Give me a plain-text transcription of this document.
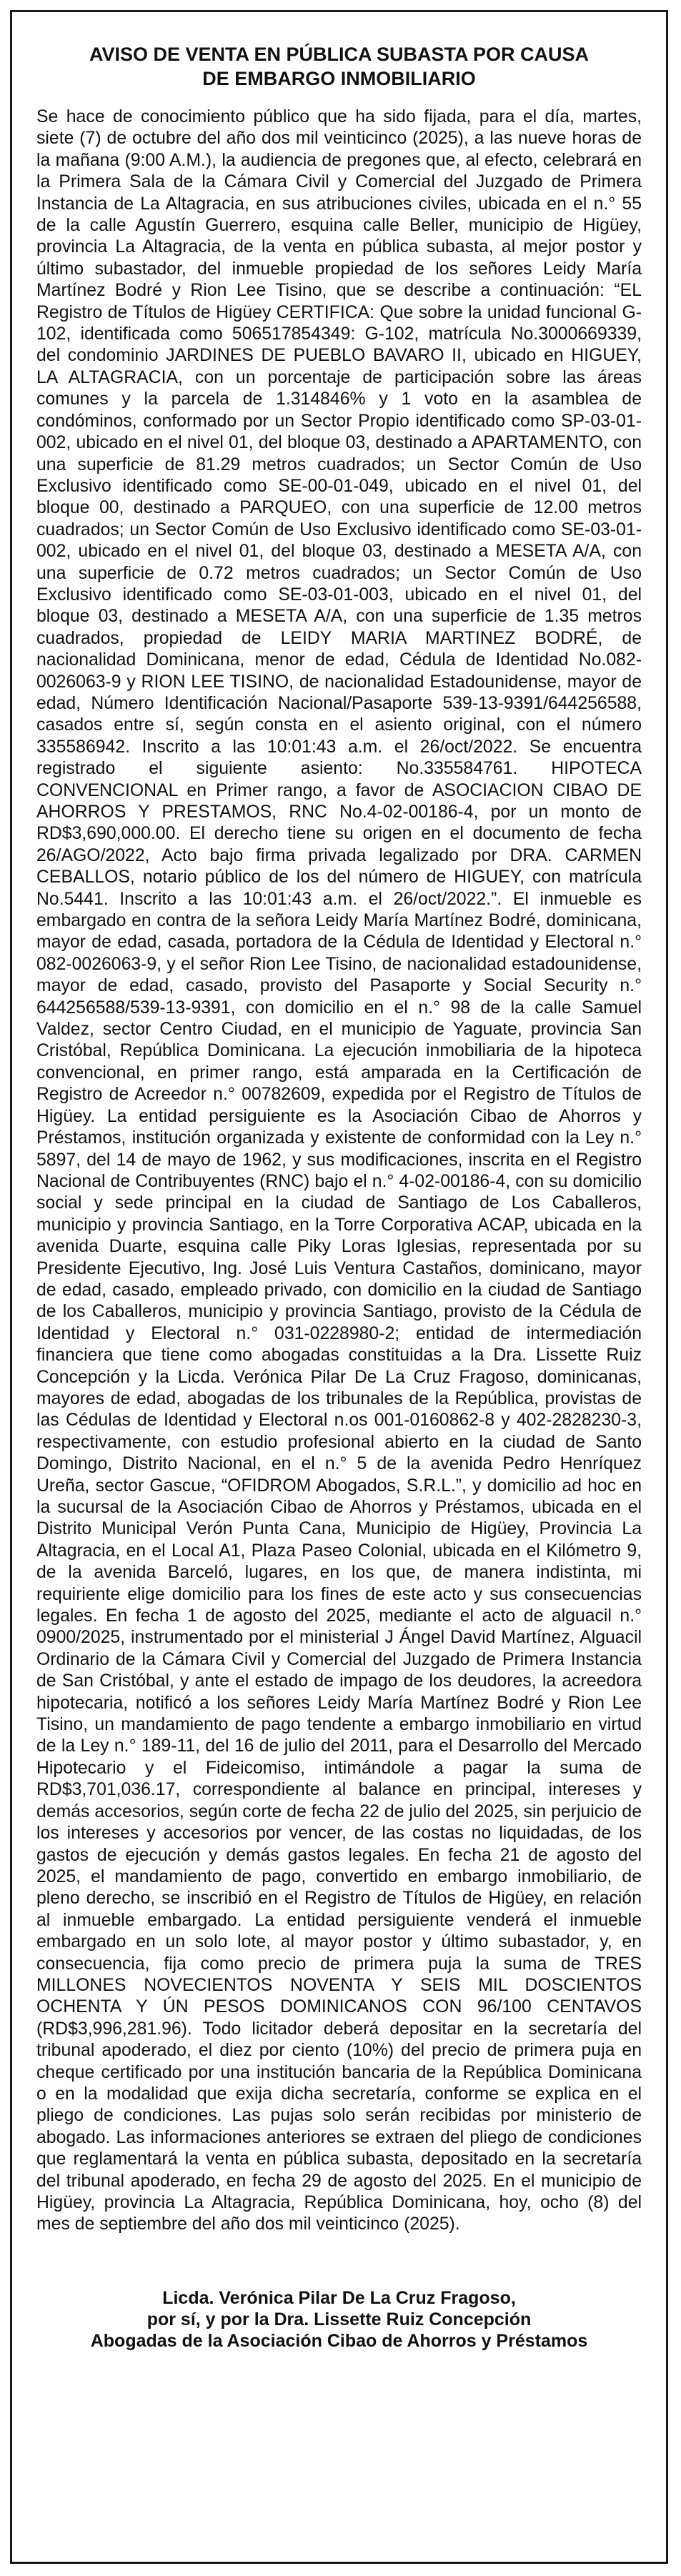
AVISO DE VENTA EN PÚBLICA SUBASTA POR CAUSA
DE EMBARGO INMOBILIARIO

Se hace de conocimiento público que ha sido fijada, para el día, martes, siete (7) de octubre del año dos mil veinticinco (2025), a las nueve horas de la mañana (9:00 A.M.), la audiencia de pregones que, al efecto, celebrará en la Primera Sala de la Cámara Civil y Comercial del Juzgado de Primera Instancia de La Altagracia, en sus atribuciones civiles, ubicada en el n.° 55 de la calle Agustín Guerrero, esquina calle Beller, municipio de Higüey, provincia La Altagracia, de la venta en pública subasta, al mejor postor y último subastador, del inmueble propiedad de los señores Leidy María Martínez Bodré y Rion Lee Tisino, que se describe a continuación: “EL Registro de Títulos de Higüey CERTIFICA: Que sobre la unidad funcional G-102, identificada como 506517854349: G-102, matrícula No.3000669339, del condominio JARDINES DE PUEBLO BAVARO II, ubicado en HIGUEY, LA ALTAGRACIA, con un porcentaje de participación sobre las áreas comunes y la parcela de 1.314846% y 1 voto en la asamblea de condóminos, conformado por un Sector Propio identificado como SP-03-01-002, ubicado en el nivel 01, del bloque 03, destinado a APARTAMENTO, con una superficie de 81.29 metros cuadrados; un Sector Común de Uso Exclusivo identificado como SE-00-01-049, ubicado en el nivel 01, del bloque 00, destinado a PARQUEO, con una superficie de 12.00 metros cuadrados; un Sector Común de Uso Exclusivo identificado como SE-03-01-002, ubicado en el nivel 01, del bloque 03, destinado a MESETA A/A, con una superficie de 0.72 metros cuadrados; un Sector Común de Uso Exclusivo identificado como SE-03-01-003, ubicado en el nivel 01, del bloque 03, destinado a MESETA A/A, con una superficie de 1.35 metros cuadrados, propiedad de LEIDY MARIA MARTINEZ BODRÉ, de nacionalidad Dominicana, menor de edad, Cédula de Identidad No.082-0026063-9 y RION LEE TISINO, de nacionalidad Estadounidense, mayor de edad, Número Identificación Nacional/Pasaporte 539-13-9391/644256588, casados entre sí, según consta en el asiento original, con el número 335586942. Inscrito a las 10:01:43 a.m. el 26/oct/2022. Se encuentra registrado el siguiente asiento: No.335584761. HIPOTECA CONVENCIONAL en Primer rango, a favor de ASOCIACION CIBAO DE AHORROS Y PRESTAMOS, RNC No.4-02-00186-4, por un monto de RD$3,690,000.00. El derecho tiene su origen en el documento de fecha 26/AGO/2022, Acto bajo firma privada legalizado por DRA. CARMEN CEBALLOS, notario público de los del número de HIGUEY, con matrícula No.5441. Inscrito a las 10:01:43 a.m. el 26/oct/2022.”. El inmueble es embargado en contra de la señora Leidy María Martínez Bodré, dominicana, mayor de edad, casada, portadora de la Cédula de Identidad y Electoral n.° 082-0026063-9, y el señor Rion Lee Tisino, de nacionalidad estadounidense, mayor de edad, casado, provisto del Pasaporte y Social Security n.° 644256588/539-13-9391, con domicilio en el n.° 98 de la calle Samuel Valdez, sector Centro Ciudad, en el municipio de Yaguate, provincia San Cristóbal, República Dominicana. La ejecución inmobiliaria de la hipoteca convencional, en primer rango, está amparada en la Certificación de Registro de Acreedor n.° 00782609, expedida por el Registro de Títulos de Higüey. La entidad persiguiente es la Asociación Cibao de Ahorros y Préstamos, institución organizada y existente de conformidad con la Ley n.° 5897, del 14 de mayo de 1962, y sus modificaciones, inscrita en el Registro Nacional de Contribuyentes (RNC) bajo el n.° 4-02-00186-4, con su domicilio social y sede principal en la ciudad de Santiago de Los Caballeros, municipio y provincia Santiago, en la Torre Corporativa ACAP, ubicada en la avenida Duarte, esquina calle Piky Loras Iglesias, representada por su Presidente Ejecutivo, Ing. José Luis Ventura Castaños, dominicano, mayor de edad, casado, empleado privado, con domicilio en la ciudad de Santiago de los Caballeros, municipio y provincia Santiago, provisto de la Cédula de Identidad y Electoral n.° 031-0228980-2; entidad de intermediación financiera que tiene como abogadas constituidas a la Dra. Lissette Ruiz Concepción y la Licda. Verónica Pilar De La Cruz Fragoso, dominicanas, mayores de edad, abogadas de los tribunales de la República, provistas de las Cédulas de Identidad y Electoral n.os 001-0160862-8 y 402-2828230-3, respectivamente, con estudio profesional abierto en la ciudad de Santo Domingo, Distrito Nacional, en el n.° 5 de la avenida Pedro Henríquez Ureña, sector Gascue, “OFIDROM Abogados, S.R.L.”, y domicilio ad hoc en la sucursal de la Asociación Cibao de Ahorros y Préstamos, ubicada en el Distrito Municipal Verón Punta Cana, Municipio de Higüey, Provincia La Altagracia, en el Local A1, Plaza Paseo Colonial, ubicada en el Kilómetro 9, de la avenida Barceló, lugares, en los que, de manera indistinta, mi requiriente elige domicilio para los fines de este acto y sus consecuencias legales. En fecha 1 de agosto del 2025, mediante el acto de alguacil n.° 0900/2025, instrumentado por el ministerial J Ángel David Martínez, Alguacil Ordinario de la Cámara Civil y Comercial del Juzgado de Primera Instancia de San Cristóbal, y ante el estado de impago de los deudores, la acreedora hipotecaria, notificó a los señores Leidy María Martínez Bodré y Rion Lee Tisino, un mandamiento de pago tendente a embargo inmobiliario en virtud de la Ley n.° 189-11, del 16 de julio del 2011, para el Desarrollo del Mercado Hipotecario y el Fideicomiso, intimándole a pagar la suma de RD$3,701,036.17, correspondiente al balance en principal, intereses y demás accesorios, según corte de fecha 22 de julio del 2025, sin perjuicio de los intereses y accesorios por vencer, de las costas no liquidadas, de los gastos de ejecución y demás gastos legales. En fecha 21 de agosto del 2025, el mandamiento de pago, convertido en embargo inmobiliario, de pleno derecho, se inscribió en el Registro de Títulos de Higüey, en relación al inmueble embargado. La entidad persiguiente venderá el inmueble embargado en un solo lote, al mayor postor y último subastador, y, en consecuencia, fija como precio de primera puja la suma de TRES MILLONES NOVECIENTOS NOVENTA Y SEIS MIL DOSCIENTOS OCHENTA Y ÚN PESOS DOMINICANOS CON 96/100 CENTAVOS (RD$3,996,281.96). Todo licitador deberá depositar en la secretaría del tribunal apoderado, el diez por ciento (10%) del precio de primera puja en cheque certificado por una institución bancaria de la República Dominicana o en la modalidad que exija dicha secretaría, conforme se explica en el pliego de condiciones. Las pujas solo serán recibidas por ministerio de abogado. Las informaciones anteriores se extraen del pliego de condiciones que reglamentará la venta en pública subasta, depositado en la secretaría del tribunal apoderado, en fecha 29 de agosto del 2025. En el municipio de Higüey, provincia La Altagracia, República Dominicana, hoy, ocho (8) del mes de septiembre del año dos mil veinticinco (2025).

Licda. Verónica Pilar De La Cruz Fragoso,
por sí, y por la Dra. Lissette Ruiz Concepción
Abogadas de la Asociación Cibao de Ahorros y Préstamos
